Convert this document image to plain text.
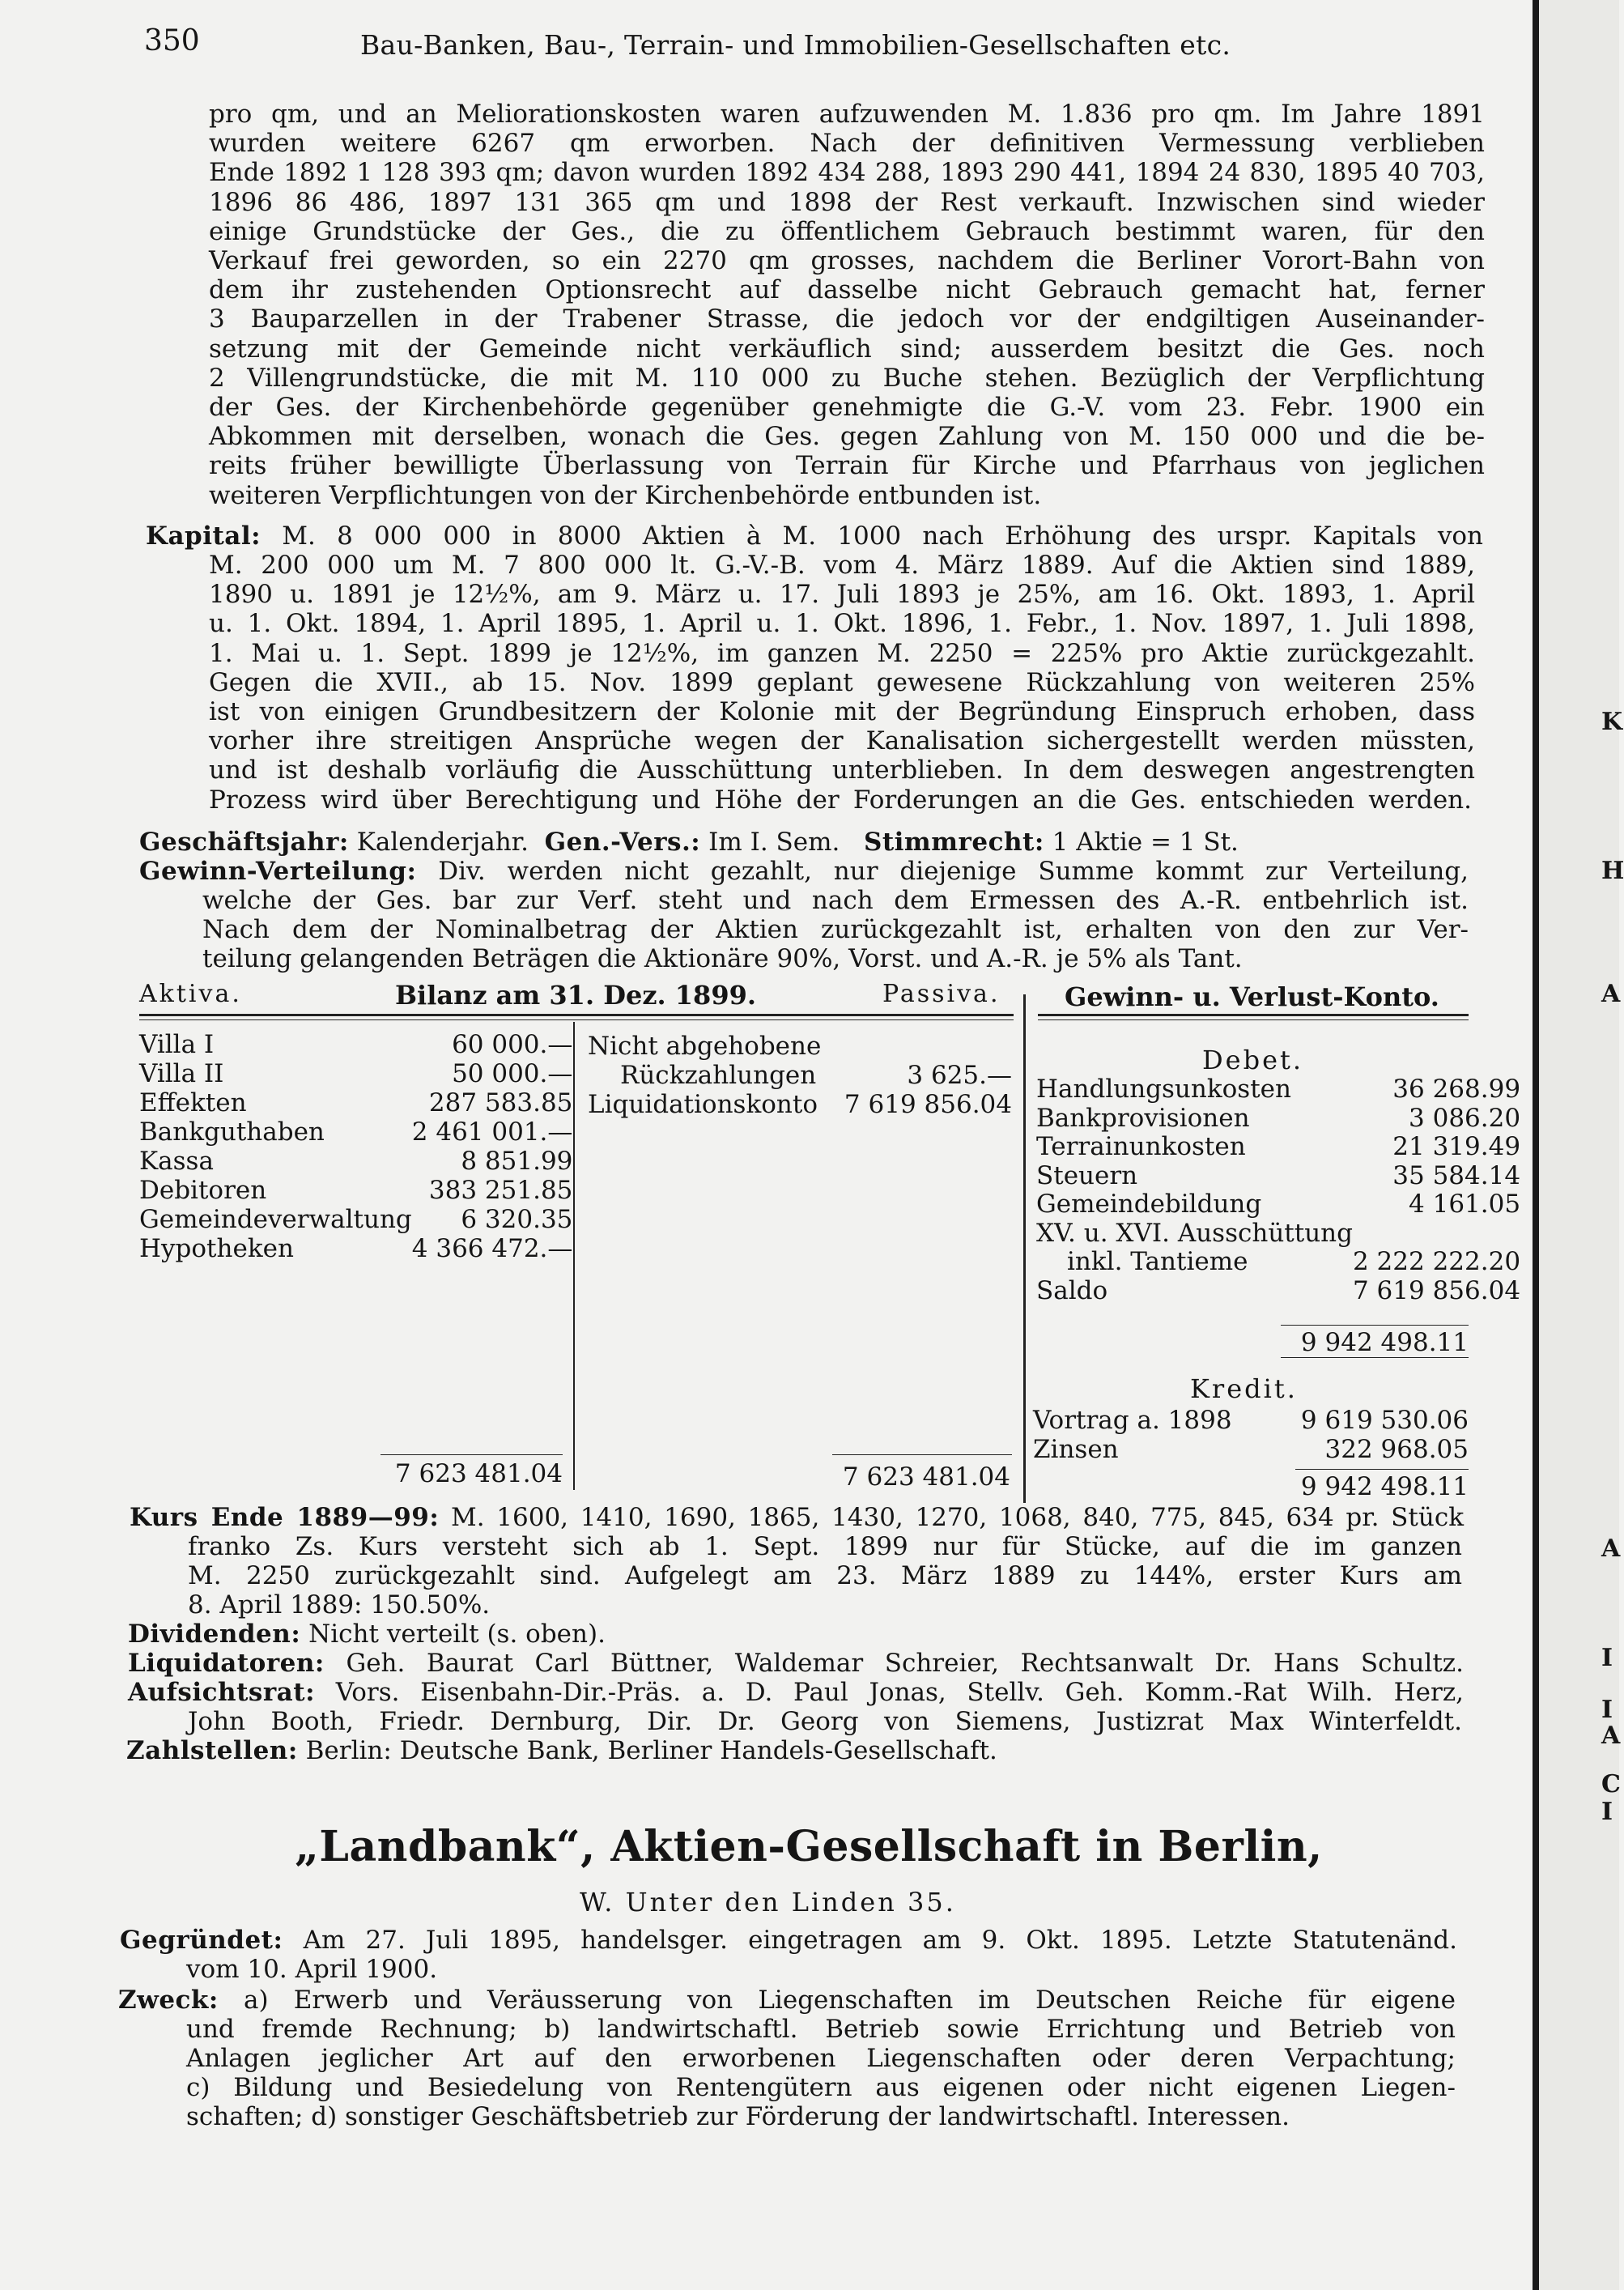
350	Bau-Banken, Bau-, Terrain- und Immobilien-Gesellschaften etc.
pro qm, und an Meliorationskosten waren aufzuwenden M. 1.836 pro qm. Im Jahre 1891
wurden weitere 6267 qm erworben. Nach der definitiven Vermessung verblieben
Ende 1892 1 128 393 qm; davon wurden 1892 434 288, 1893 290 441, 1894 24 830, 1895 40 703,
1896 86 486, 1897 131 365 qm und 1898 der Rest verkauft. Inzwischen sind wieder
einige Grundstücke der Ges., die zu öffentlichem Gebrauch bestimmt waren, für den
Verkauf frei geworden, so ein 2270 qm grosses, nachdem die Berliner Vorort-Bahn von
dem ihr zustehenden Optionsrecht auf dasselbe nicht Gebrauch gemacht hat, ferner
3 Bauparzellen in der Trabener Strasse, die jedoch vor der endgiltigen Auseinander-
setzung mit der Gemeinde nicht verkäuflich sind; ausserdem besitzt die Ges. noch
2 Villengrundstücke, die mit M. 110 000 zu Buche stehen. Bezüglich der Verpflichtung
der Ges. der Kirchenbehörde gegenüber genehmigte die G.-V. vom 23. Febr. 1900 ein
Abkommen mit derselben, wonach die Ges. gegen Zahlung von M. 150 000 und die be-
reits früher bewilligte Überlassung von Terrain für Kirche und Pfarrhaus von jeglichen
weiteren Verpflichtungen von der Kirchenbehörde entbunden ist.
Kapital: M. 8 000 000 in 8000 Aktien à M. 1000 nach Erhöhung des urspr. Kapitals von
M. 200 000 um M. 7 800 000 lt. G.-V.-B. vom 4. März 1889. Auf die Aktien sind 1889,
1890 u. 1891 je 12½%, am 9. März u. 17. Juli 1893 je 25%, am 16. Okt. 1893, 1. April
u. 1. Okt. 1894, 1. April 1895, 1. April u. 1. Okt. 1896, 1. Febr., 1. Nov. 1897, 1. Juli 1898,
1. Mai u. 1. Sept. 1899 je 12½%, im ganzen M. 2250 = 225% pro Aktie zurückgezahlt.
Gegen die XVII., ab 15. Nov. 1899 geplant gewesene Rückzahlung von weiteren 25%
ist von einigen Grundbesitzern der Kolonie mit der Begründung Einspruch erhoben, dass
vorher ihre streitigen Ansprüche wegen der Kanalisation sichergestellt werden müssten,
und ist deshalb vorläufig die Ausschüttung unterblieben. In dem deswegen angestrengten
Prozess wird über Berechtigung und Höhe der Forderungen an die Ges. entschieden werden.
Geschäftsjahr: Kalenderjahr. Gen.-Vers.: Im I. Sem. Stimmrecht: 1 Aktie = 1 St.
Gewinn-Verteilung: Div. werden nicht gezahlt, nur diejenige Summe kommt zur Verteilung,
welche der Ges. bar zur Verf. steht und nach dem Ermessen des A.-R. entbehrlich ist.
Nach dem der Nominalbetrag der Aktien zurückgezahlt ist, erhalten von den zur Ver-
teilung gelangenden Beträgen die Aktionäre 90%, Vorst. und A.-R. je 5% als Tant.
Aktiva.	Bilanz am 31. Dez. 1899.	Passiva. Gewinn- u. Verlust-Konto.
Villa I	60 000.—
Villa II	50 000.—
Effekten	287 583.85
Bankguthaben	2 461 001.—
Kassa	8 851.99
Debitoren	383 251.85
Gemeindeverwaltung	6 320.35
Hypotheken	4 366 472.—
Nicht abgehobene	
Rückzahlungen	3 625.—
Liquidationskonto	7 619 856.04
7 623 481.04	7 623 481.04
Debet.
Handlungsunkosten	36 268.99
Bankprovisionen	3 086.20
Terrainunkosten	21 319.49
Steuern	35 584.14
Gemeindebildung	4 161.05
XV. u. XVI. Ausschüttung	
inkl. Tantieme	2 222 222.20
Saldo	7 619 856.04
9 942 498.11
Kredit.
Vortrag a. 1898	9 619 530.06
Zinsen	322 968.05
9 942 498.11
Kurs Ende 1889—99: M. 1600, 1410, 1690, 1865, 1430, 1270, 1068, 840, 775, 845, 634 pr. Stück
franko Zs. Kurs versteht sich ab 1. Sept. 1899 nur für Stücke, auf die im ganzen
M. 2250 zurückgezahlt sind. Aufgelegt am 23. März 1889 zu 144%, erster Kurs am
8. April 1889: 150.50%.
Dividenden: Nicht verteilt (s. oben).
Liquidatoren: Geh. Baurat Carl Büttner, Waldemar Schreier, Rechtsanwalt Dr. Hans Schultz.
Aufsichtsrat: Vors. Eisenbahn-Dir.-Präs. a. D. Paul Jonas, Stellv. Geh. Komm.-Rat Wilh. Herz,
John Booth, Friedr. Dernburg, Dir. Dr. Georg von Siemens, Justizrat Max Winterfeldt.
Zahlstellen: Berlin: Deutsche Bank, Berliner Handels-Gesellschaft.
„Landbank“, Aktien-Gesellschaft in Berlin,
W. Unter den Linden 35.
Gegründet: Am 27. Juli 1895, handelsger. eingetragen am 9. Okt. 1895. Letzte Statutenänd.
vom 10. April 1900.
Zweck: a) Erwerb und Veräusserung von Liegenschaften im Deutschen Reiche für eigene
und fremde Rechnung; b) landwirtschaftl. Betrieb sowie Errichtung und Betrieb von
Anlagen jeglicher Art auf den erworbenen Liegenschaften oder deren Verpachtung;
c) Bildung und Besiedelung von Rentengütern aus eigenen oder nicht eigenen Liegen-
schaften; d) sonstiger Geschäftsbetrieb zur Förderung der landwirtschaftl. Interessen.
K
H
A
A
I
I
A
C
I
